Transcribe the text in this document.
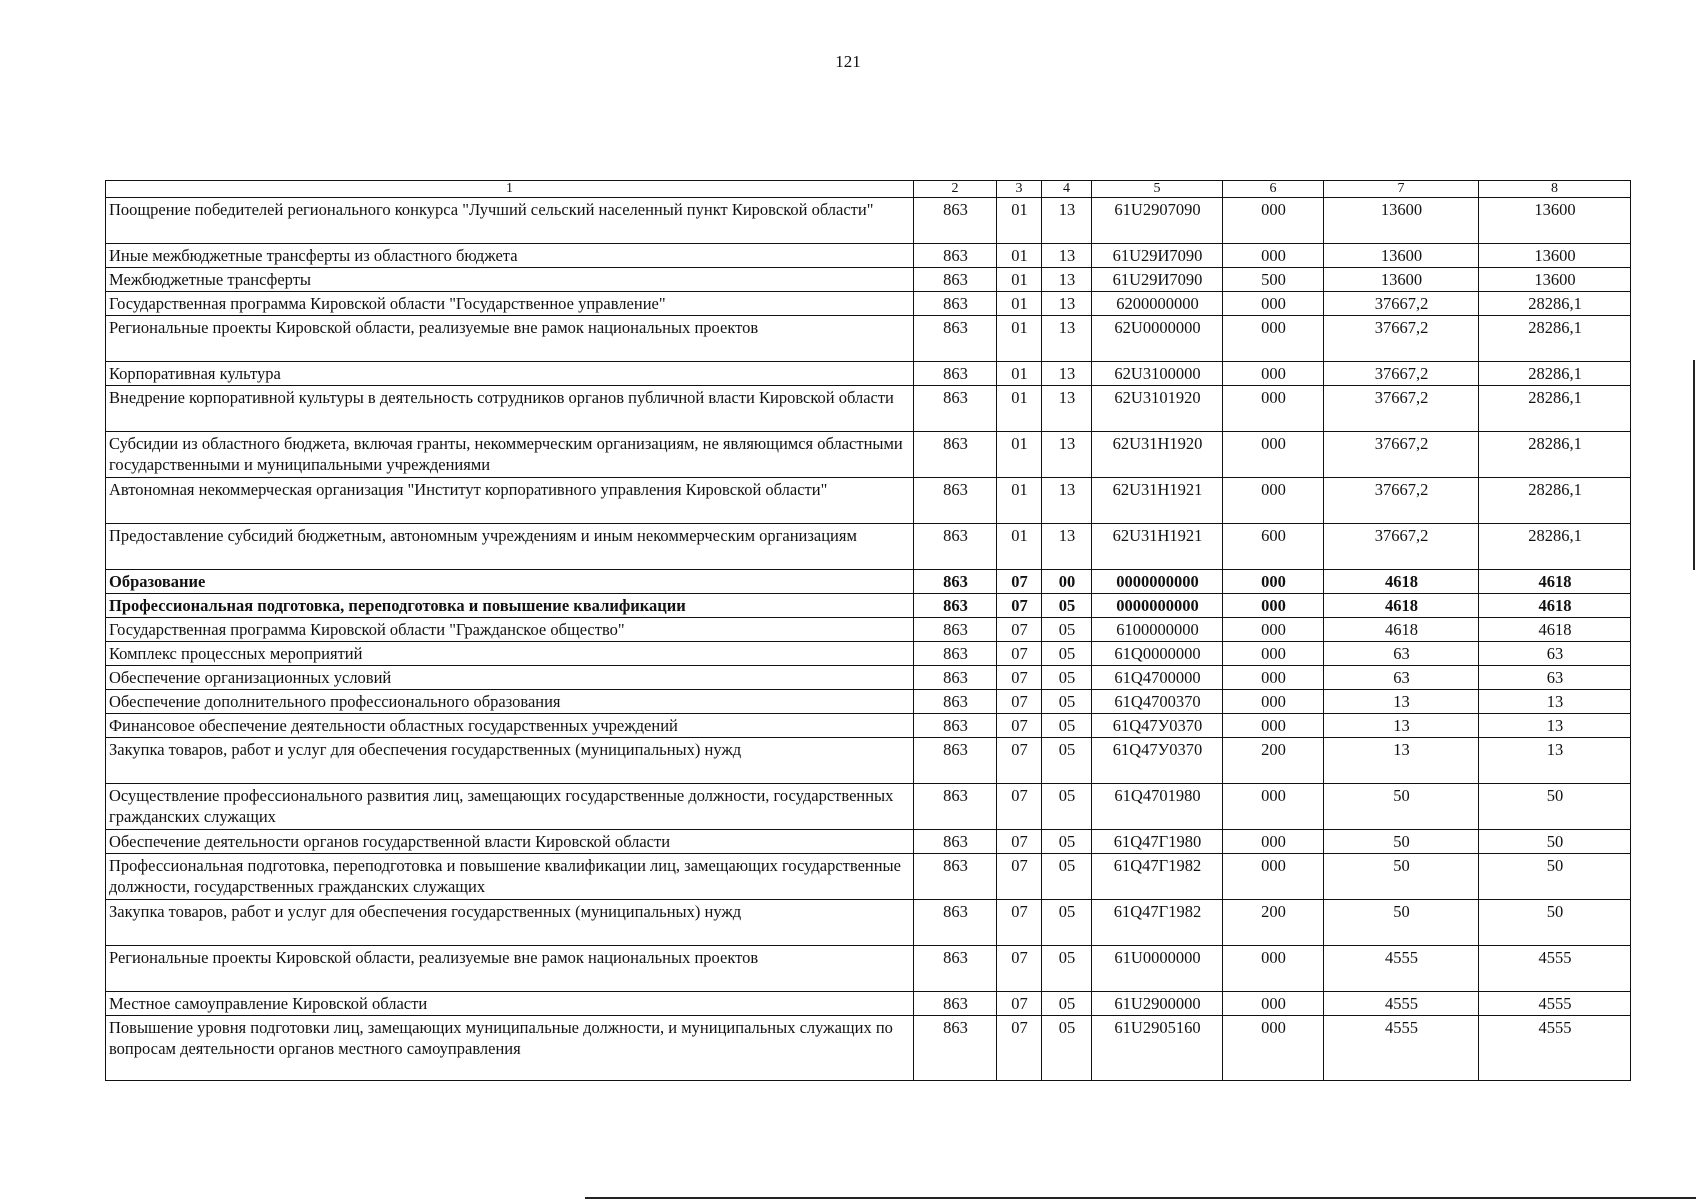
121
1	2	3	4	5	6	7	8
Поощрение победителей регионального конкурса "Лучший сельский населенный пункт Кировской области"	863	01	13	61U2907090	000	13600	13600
Иные межбюджетные трансферты из областного бюджета	863	01	13	61U29И7090	000	13600	13600
Межбюджетные трансферты	863	01	13	61U29И7090	500	13600	13600
Государственная программа Кировской области "Государственное управление"	863	01	13	6200000000	000	37667,2	28286,1
Региональные проекты Кировской области, реализуемые вне рамок национальных проектов	863	01	13	62U0000000	000	37667,2	28286,1
Корпоративная культура	863	01	13	62U3100000	000	37667,2	28286,1
Внедрение корпоративной культуры в деятельность сотрудников органов публичной власти Кировской области	863	01	13	62U3101920	000	37667,2	28286,1
Субсидии из областного бюджета, включая гранты, некоммерческим организациям, не являющимся областными государственными и муниципальными учреждениями	863	01	13	62U31H1920	000	37667,2	28286,1
Автономная некоммерческая организация "Институт корпоративного управления Кировской области"	863	01	13	62U31H1921	000	37667,2	28286,1
Предоставление субсидий бюджетным, автономным учреждениям и иным некоммерческим организациям	863	01	13	62U31H1921	600	37667,2	28286,1
Образование	863	07	00	0000000000	000	4618	4618
Профессиональная подготовка, переподготовка и повышение квалификации	863	07	05	0000000000	000	4618	4618
Государственная программа Кировской области "Гражданское общество"	863	07	05	6100000000	000	4618	4618
Комплекс процессных мероприятий	863	07	05	61Q0000000	000	63	63
Обеспечение организационных условий	863	07	05	61Q4700000	000	63	63
Обеспечение дополнительного профессионального образования	863	07	05	61Q4700370	000	13	13
Финансовое обеспечение деятельности областных государственных учреждений	863	07	05	61Q47У0370	000	13	13
Закупка товаров, работ и услуг для обеспечения государственных (муниципальных) нужд	863	07	05	61Q47У0370	200	13	13
Осуществление профессионального развития лиц, замещающих государственные должности, государственных гражданских служащих	863	07	05	61Q4701980	000	50	50
Обеспечение деятельности органов государственной власти Кировской области	863	07	05	61Q47Г1980	000	50	50
Профессиональная подготовка, переподготовка и повышение квалификации лиц, замещающих государственные должности, государственных гражданских служащих	863	07	05	61Q47Г1982	000	50	50
Закупка товаров, работ и услуг для обеспечения государственных (муниципальных) нужд	863	07	05	61Q47Г1982	200	50	50
Региональные проекты Кировской области, реализуемые вне рамок национальных проектов	863	07	05	61U0000000	000	4555	4555
Местное самоуправление Кировской области	863	07	05	61U2900000	000	4555	4555
Повышение уровня подготовки лиц, замещающих муниципальные должности, и муниципальных служащих по вопросам деятельности органов местного самоуправления	863	07	05	61U2905160	000	4555	4555
